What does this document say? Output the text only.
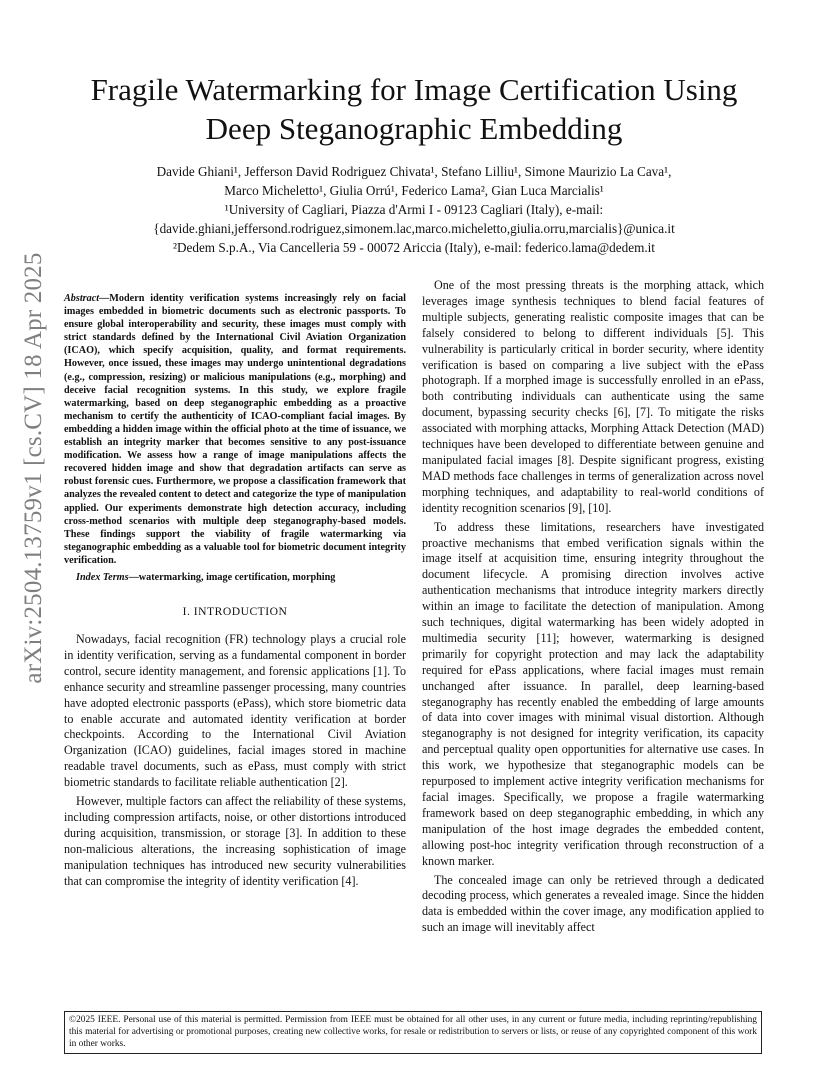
arXiv:2504.13759v1 [cs.CV] 18 Apr 2025
Fragile Watermarking for Image Certification Using Deep Steganographic Embedding
Davide Ghiani¹, Jefferson David Rodriguez Chivata¹, Stefano Lilliu¹, Simone Maurizio La Cava¹,
Marco Micheletto¹, Giulia Orrú¹, Federico Lama², Gian Luca Marcialis¹
¹University of Cagliari, Piazza d'Armi I - 09123 Cagliari (Italy), e-mail:
{davide.ghiani,jeffersond.rodriguez,simonem.lac,marco.micheletto,giulia.orru,marcialis}@unica.it
²Dedem S.p.A., Via Cancelleria 59 - 00072 Ariccia (Italy), e-mail: federico.lama@dedem.it

Abstract—Modern identity verification systems increasingly rely on facial images embedded in biometric documents such as electronic passports. To ensure global interoperability and security, these images must comply with strict standards defined by the International Civil Aviation Organization (ICAO), which specify acquisition, quality, and format requirements. However, once issued, these images may undergo unintentional degradations (e.g., compression, resizing) or malicious manipulations (e.g., morphing) and deceive facial recognition systems. In this study, we explore fragile watermarking, based on deep steganographic embedding as a proactive mechanism to certify the authenticity of ICAO-compliant facial images. By embedding a hidden image within the official photo at the time of issuance, we establish an integrity marker that becomes sensitive to any post-issuance modification. We assess how a range of image manipulations affects the recovered hidden image and show that degradation artifacts can serve as robust forensic cues. Furthermore, we propose a classification framework that analyzes the revealed content to detect and categorize the type of manipulation applied. Our experiments demonstrate high detection accuracy, including cross-method scenarios with multiple deep steganography-based models. These findings support the viability of fragile watermarking via steganographic embedding as a valuable tool for biometric document integrity verification.

Index Terms—watermarking, image certification, morphing

I. INTRODUCTION

Nowadays, facial recognition (FR) technology plays a crucial role in identity verification, serving as a fundamental component in border control, secure identity management, and forensic applications [1]. To enhance security and streamline passenger processing, many countries have adopted electronic passports (ePass), which store biometric data to enable accurate and automated identity verification at border checkpoints. According to the International Civil Aviation Organization (ICAO) guidelines, facial images stored in machine readable travel documents, such as ePass, must comply with strict biometric standards to facilitate reliable authentication [2].

However, multiple factors can affect the reliability of these systems, including compression artifacts, noise, or other distortions introduced during acquisition, transmission, or storage [3]. In addition to these non-malicious alterations, the increasing sophistication of image manipulation techniques has introduced new security vulnerabilities that can compromise the integrity of identity verification [4].

One of the most pressing threats is the morphing attack, which leverages image synthesis techniques to blend facial features of multiple subjects, generating realistic composite images that can be falsely considered to belong to different individuals [5]. This vulnerability is particularly critical in border security, where identity verification is based on comparing a live subject with the ePass photograph. If a morphed image is successfully enrolled in an ePass, both contributing individuals can authenticate using the same document, bypassing security checks [6], [7]. To mitigate the risks associated with morphing attacks, Morphing Attack Detection (MAD) techniques have been developed to differentiate between genuine and manipulated facial images [8]. Despite significant progress, existing MAD methods face challenges in terms of generalization across novel morphing techniques, and adaptability to real-world conditions of identity recognition scenarios [9], [10].

To address these limitations, researchers have investigated proactive mechanisms that embed verification signals within the image itself at acquisition time, ensuring integrity throughout the document lifecycle. A promising direction involves active authentication mechanisms that introduce integrity markers directly within an image to facilitate the detection of manipulation. Among such techniques, digital watermarking has been widely adopted in multimedia security [11]; however, watermarking is designed primarily for copyright protection and may lack the adaptability required for ePass applications, where facial images must remain unchanged after issuance. In parallel, deep learning-based steganography has recently enabled the embedding of large amounts of data into cover images with minimal visual distortion. Although steganography is not designed for integrity verification, its capacity and perceptual quality open opportunities for alternative use cases. In this work, we hypothesize that steganographic models can be repurposed to implement active integrity verification mechanisms for facial images. Specifically, we propose a fragile watermarking framework based on deep steganographic embedding, in which any manipulation of the host image degrades the embedded content, allowing post-hoc integrity verification through reconstruction of a known marker.

The concealed image can only be retrieved through a dedicated decoding process, which generates a revealed image. Since the hidden data is embedded within the cover image, any modification applied to such an image will inevitably affect

©2025 IEEE. Personal use of this material is permitted. Permission from IEEE must be obtained for all other uses, in any current or future media, including reprinting/republishing this material for advertising or promotional purposes, creating new collective works, for resale or redistribution to servers or lists, or reuse of any copyrighted component of this work in other works.
